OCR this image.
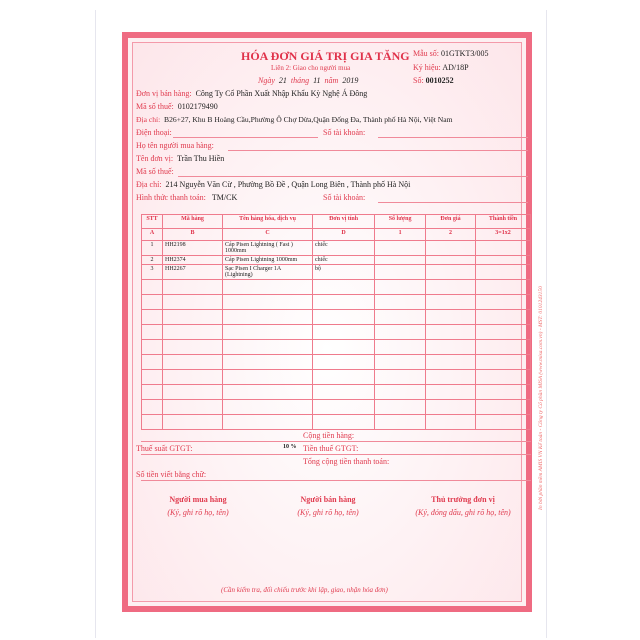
HÓA ĐƠN GIÁ TRỊ GIA TĂNG
Liên 2: Giao cho người mua
Ngày 21 tháng 11 năm 2019
Mẫu số: 01GTKT3/005
Ký hiệu: AD/18P
Số: 0010252
Đơn vị bán hàng: Công Ty Cổ Phần Xuất Nhập Khẩu Kỳ Nghệ Á Đông
Mã số thuế: 0102179490
Địa chỉ: B26+27, Khu B Hoàng Cầu,Phường Ô Chợ Dừa,Quận Đống Đa, Thành phố Hà Nội, Việt Nam
Điện thoại:	Số tài khoản:
Họ tên người mua hàng:
Tên đơn vị: Trần Thu Hiền
Mã số thuế:
Địa chỉ: 214 Nguyễn Văn Cừ , Phường Bồ Đề , Quận Long Biên , Thành phố Hà Nội
Hình thức thanh toán: TM/CK	Số tài khoản:
STT	Mã hàng	Tên hàng hóa, dịch vụ	Đơn vị tính	Số lượng	Đơn giá	Thành tiền
A	B	C	D	1	2	3=1x2
1	HH2198	Cáp Pisen Lightning ( Fast ) 1000mm	chiếc			
2	HH2374	Cáp Pisen Lightning 1000mm	chiếc			
3	HH2267	Sạc Pisen I Charger 1A (Lightning)	bộ			

Cộng tiền hàng:
Thuế suất GTGT:	10 % Tiền thuế GTGT:
Tổng cộng tiền thanh toán:
Số tiền viết bằng chữ:
Người mua hàng
(Ký, ghi rõ họ, tên)
Người bán hàng
(Ký, ghi rõ họ, tên)
Thủ trưởng đơn vị
(Ký, đóng dấu, ghi rõ họ, tên)
(Cần kiểm tra, đối chiếu trước khi lập, giao, nhận hóa đơn)
In bởi phần mềm AMIS VN Kế toán - Công ty Cổ phần MISA (www.misa.com.vn) - MST: 0101243150
